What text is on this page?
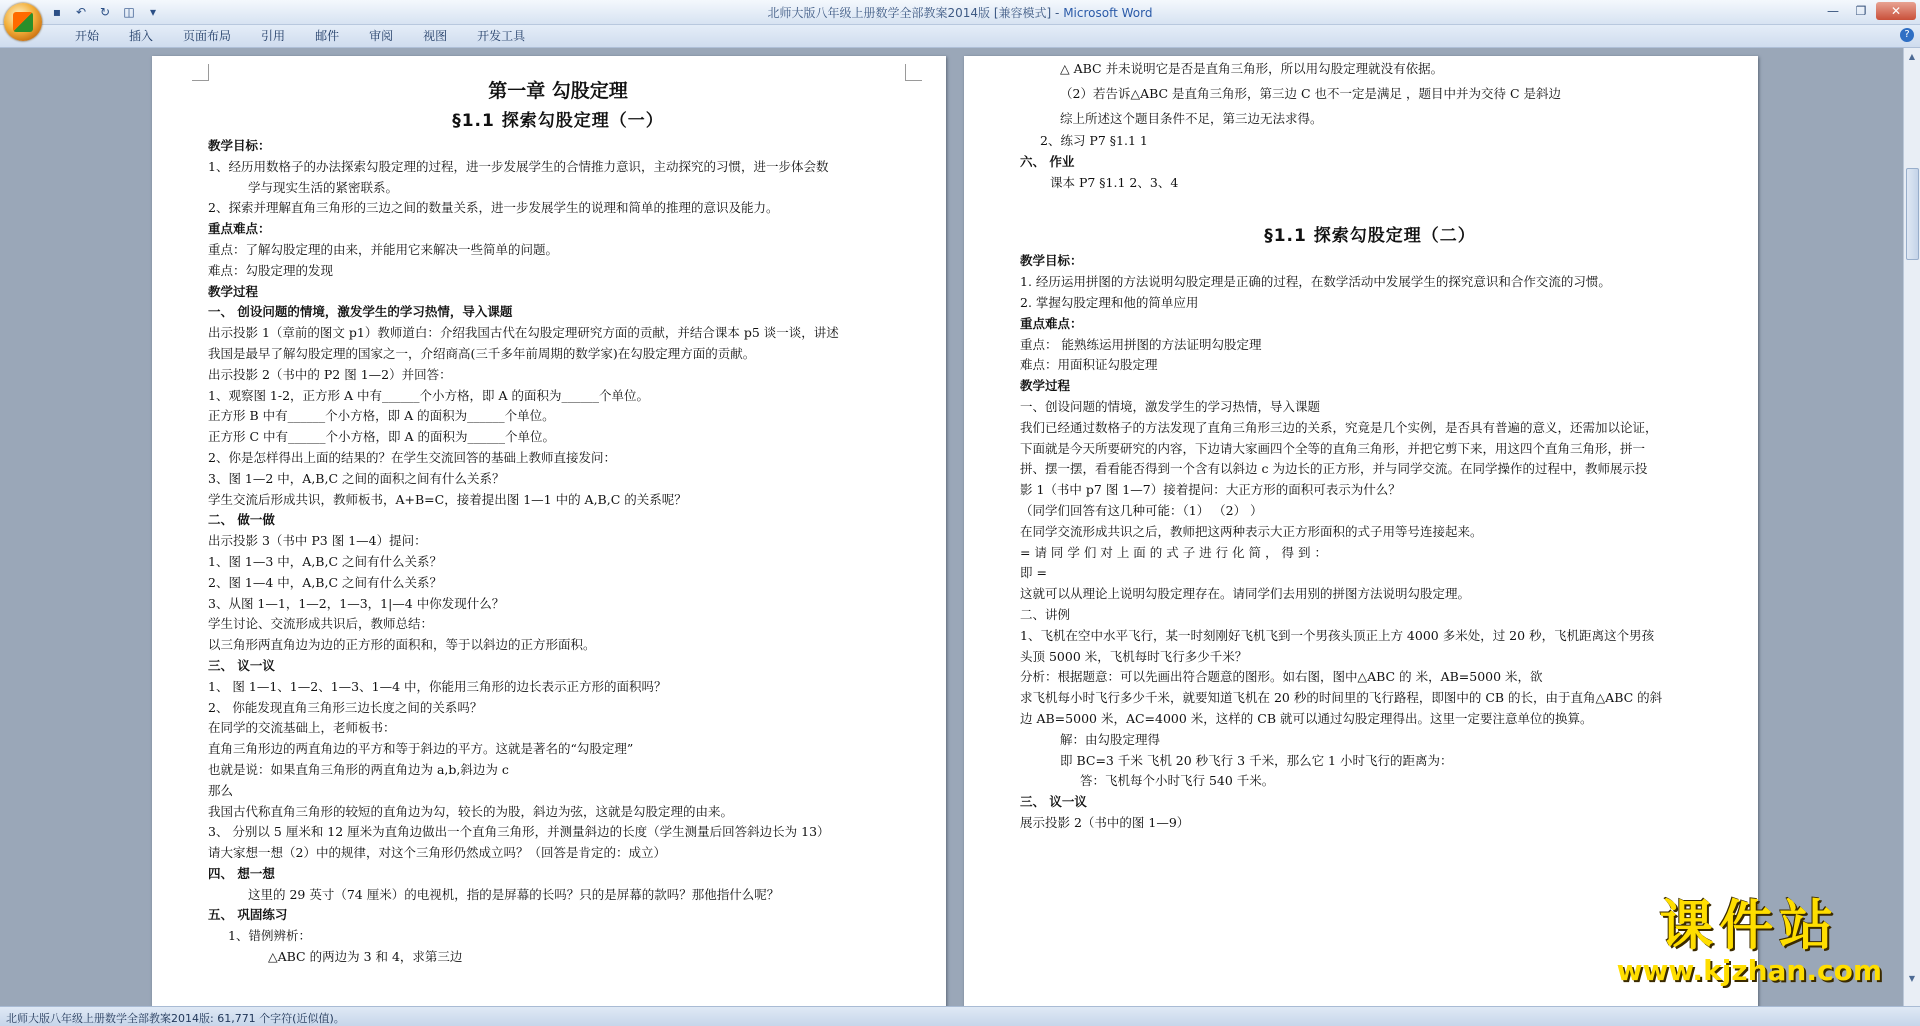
北师大版八年级上册数学全部教案2014版 [兼容模式] - Microsoft Word
▪	↶	↻	◫	▾	—	❐	✕
开始	插入	页面布局	引用	邮件	审阅	视图	开发工具	?

第一章 勾股定理

§1.1 探索勾股定理（一）

教学目标：

1、经历用数格子的办法探索勾股定理的过程，进一步发展学生的合情推力意识，主动探究的习惯，进一步体会数

学与现实生活的紧密联系。

2、探索并理解直角三角形的三边之间的数量关系，进一步发展学生的说理和简单的推理的意识及能力。

重点难点：

重点：了解勾股定理的由来，并能用它来解决一些简单的问题。

难点：勾股定理的发现

教学过程

一、 创设问题的情境，激发学生的学习热情，导入课题

出示投影 1（章前的图文 p1）教师道白：介绍我国古代在勾股定理研究方面的贡献，并结合课本 p5 谈一谈，讲述

我国是最早了解勾股定理的国家之一，介绍商高(三千多年前周期的数学家)在勾股定理方面的贡献。

出示投影 2（书中的 P2 图 1—2）并回答：

1、观察图 1-2，正方形 A 中有______个小方格，即 A 的面积为______个单位。

正方形 B 中有______个小方格，即 A 的面积为______个单位。

正方形 C 中有______个小方格，即 A 的面积为______个单位。

2、你是怎样得出上面的结果的？在学生交流回答的基础上教师直接发问：

3、图 1—2 中，A,B,C 之间的面积之间有什么关系？

学生交流后形成共识，教师板书，A+B=C，接着提出图 1—1 中的 A,B,C 的关系呢？

二、 做一做

出示投影 3（书中 P3 图 1—4）提问：

1、图 1—3 中，A,B,C 之间有什么关系？

2、图 1—4 中，A,B,C 之间有什么关系？

3、从图 1—1，1—2，1—3，1|—4 中你发现什么？

学生讨论、交流形成共识后，教师总结：

以三角形两直角边为边的正方形的面积和，等于以斜边的正方形面积。

三、 议一议

1、 图 1—1、1—2、1—3、1—4 中，你能用三角形的边长表示正方形的面积吗？

2、 你能发现直角三角形三边长度之间的关系吗？

在同学的交流基础上，老师板书：

直角三角形边的两直角边的平方和等于斜边的平方。这就是著名的“勾股定理”

也就是说：如果直角三角形的两直角边为 a,b,斜边为 c

那么

我国古代称直角三角形的较短的直角边为勾，较长的为股，斜边为弦，这就是勾股定理的由来。

3、 分别以 5 厘米和 12 厘米为直角边做出一个直角三角形，并测量斜边的长度（学生测量后回答斜边长为 13）

请大家想一想（2）中的规律，对这个三角形仍然成立吗？（回答是肯定的：成立）

四、 想一想

这里的 29 英寸（74 厘米）的电视机，指的是屏幕的长吗？只的是屏幕的款吗？那他指什么呢？

五、 巩固练习

1、错例辨析：

△ABC 的两边为 3 和 4，求第三边

△ ABC 并未说明它是否是直角三角形，所以用勾股定理就没有依据。

（2）若告诉△ABC 是直角三角形，第三边 C 也不一定是满足 ，题目中并为交待 C 是斜边

综上所述这个题目条件不足，第三边无法求得。

2、练习 P7 §1.1 1

六、 作业

课本 P7 §1.1 2、3、4

§1.1 探索勾股定理（二）

教学目标：

1. 经历运用拼图的方法说明勾股定理是正确的过程，在数学活动中发展学生的探究意识和合作交流的习惯。

2. 掌握勾股定理和他的简单应用

重点难点：

重点： 能熟练运用拼图的方法证明勾股定理

难点：用面积证勾股定理

教学过程

一、创设问题的情境，激发学生的学习热情，导入课题

我们已经通过数格子的方法发现了直角三角形三边的关系，究竟是几个实例，是否具有普遍的意义，还需加以论证，

下面就是今天所要研究的内容，下边请大家画四个全等的直角三角形，并把它剪下来，用这四个直角三角形，拼一

拼、摆一摆，看看能否得到一个含有以斜边 c 为边长的正方形，并与同学交流。在同学操作的过程中，教师展示投

影 1（书中 p7 图 1—7）接着提问：大正方形的面积可表示为什么？

（同学们回答有这几种可能：（1） （2） ）

在同学交流形成共识之后，教师把这两种表示大正方形面积的式子用等号连接起来。

= 请 同 学 们 对 上 面 的 式 子 进 行 化 简 ， 得 到 ：

即 =

这就可以从理论上说明勾股定理存在。请同学们去用别的拼图方法说明勾股定理。

二、讲例

1、飞机在空中水平飞行，某一时刻刚好飞机飞到一个男孩头顶正上方 4000 多米处，过 20 秒，飞机距离这个男孩

头顶 5000 米，飞机每时飞行多少千米？

分析：根据题意：可以先画出符合题意的图形。如右图，图中△ABC 的 米，AB=5000 米，欲

求飞机每小时飞行多少千米，就要知道飞机在 20 秒的时间里的飞行路程，即图中的 CB 的长，由于直角△ABC 的斜

边 AB=5000 米，AC=4000 米，这样的 CB 就可以通过勾股定理得出。这里一定要注意单位的换算。

解：由勾股定理得

即 BC=3 千米 飞机 20 秒飞行 3 千米，那么它 1 小时飞行的距离为：

答：飞机每个小时飞行 540 千米。

三、 议一议

展示投影 2（书中的图 1—9）

课件站
www.kjzhan.com
▲
▼
北师大版八年级上册数学全部教案2014版: 61,771 个字符(近似值)。
